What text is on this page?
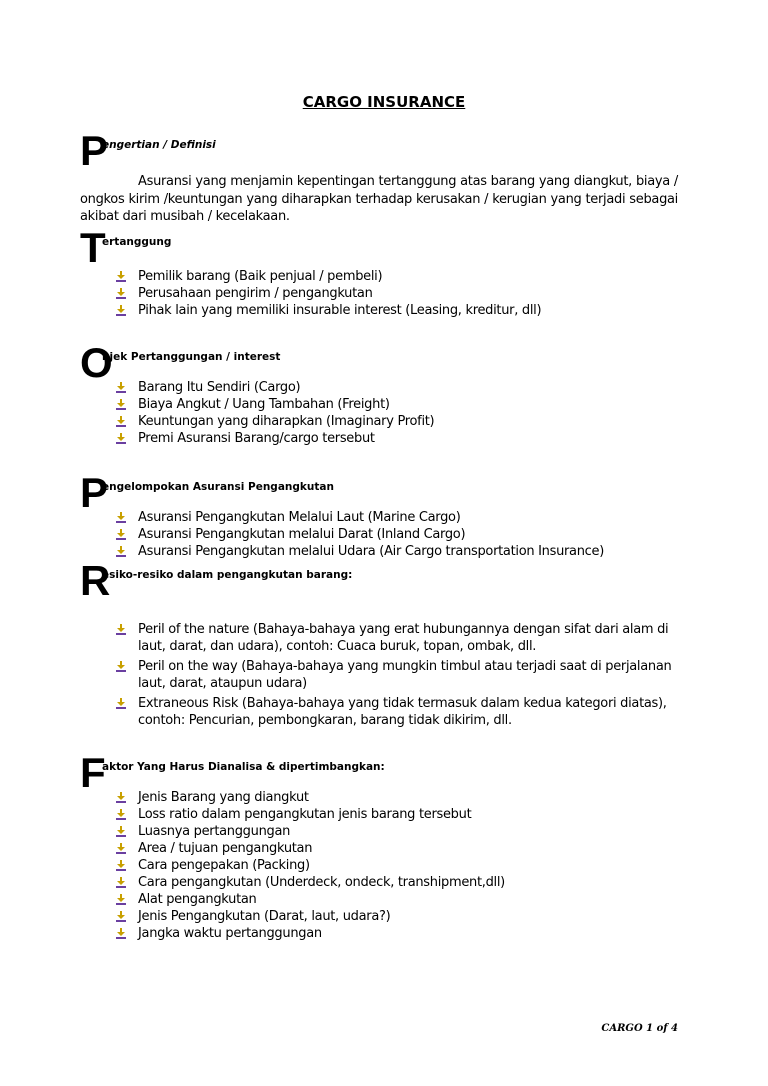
CARGO INSURANCE
P
engertian / Definisi
Asuransi yang menjamin kepentingan tertanggung atas barang yang diangkut, biaya / ongkos kirim /keuntungan yang diharapkan terhadap kerusakan / kerugian yang terjadi sebagai akibat dari musibah / kecelakaan.
T
ertanggung
Pemilik barang (Baik penjual / pembeli)
Perusahaan pengirim / pengangkutan
Pihak lain yang memiliki insurable interest (Leasing, kreditur, dll)
O
bjek Pertanggungan / interest
Barang Itu Sendiri (Cargo)
Biaya Angkut / Uang Tambahan (Freight)
Keuntungan yang diharapkan (Imaginary Profit)
Premi Asuransi Barang/cargo tersebut
P
engelompokan Asuransi Pengangkutan
Asuransi Pengangkutan Melalui Laut (Marine Cargo)
Asuransi Pengangkutan melalui Darat (Inland Cargo)
Asuransi Pengangkutan melalui Udara (Air Cargo transportation Insurance)
R
esiko-resiko dalam pengangkutan barang:
Peril of the nature (Bahaya-bahaya yang erat hubungannya dengan sifat dari alam di laut, darat, dan udara), contoh: Cuaca buruk, topan, ombak, dll.
Peril on the way (Bahaya-bahaya yang mungkin timbul atau terjadi saat di perjalanan laut, darat, ataupun udara)
Extraneous Risk (Bahaya-bahaya yang tidak termasuk dalam kedua kategori diatas), contoh: Pencurian, pembongkaran, barang tidak dikirim, dll.
F
aktor Yang Harus Dianalisa & dipertimbangkan:
Jenis Barang yang diangkut
Loss ratio dalam pengangkutan jenis barang tersebut
Luasnya pertanggungan
Area / tujuan pengangkutan
Cara pengepakan (Packing)
Cara pengangkutan (Underdeck, ondeck, transhipment,dll)
Alat pengangkutan
Jenis Pengangkutan (Darat, laut, udara?)
Jangka waktu pertanggungan
CARGO 1 of 4
